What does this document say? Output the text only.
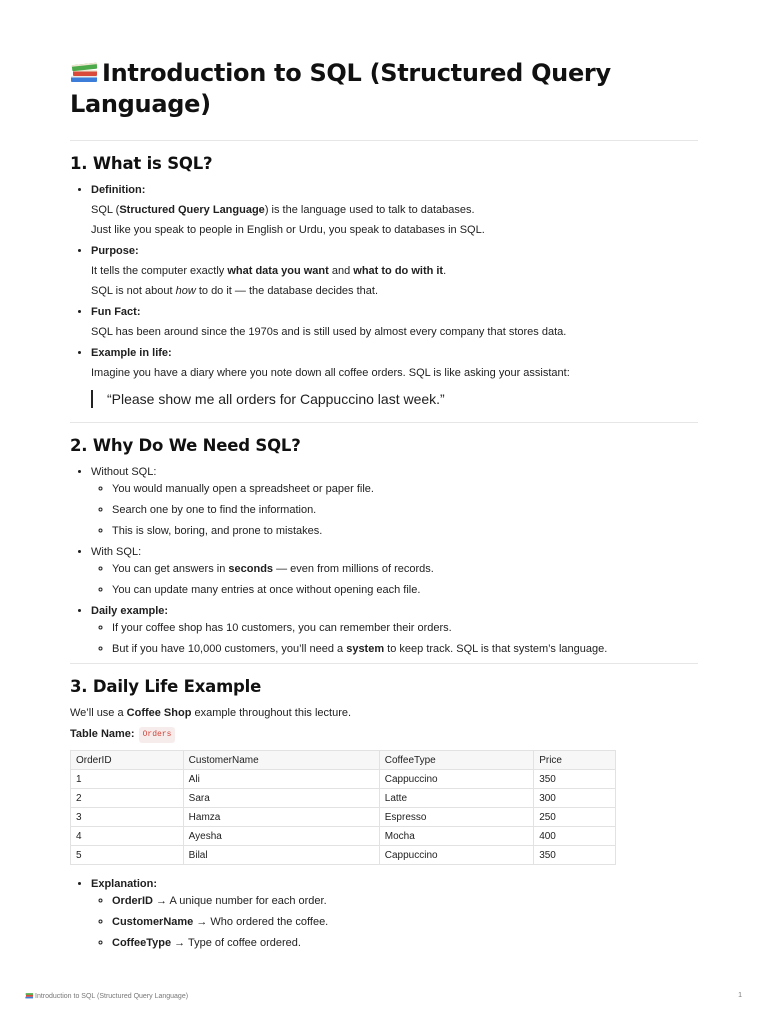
Introduction to SQL (Structured Query Language)
1. What is SQL?
• Definition:

SQL (Structured Query Language) is the language used to talk to databases.

Just like you speak to people in English or Urdu, you speak to databases in SQL.

• Purpose:

It tells the computer exactly what data you want and what to do with it.

SQL is not about how to do it — the database decides that.

• Fun Fact:

SQL has been around since the 1970s and is still used by almost every company that stores data.

• Example in life:

Imagine you have a diary where you note down all coffee orders. SQL is like asking your assistant:

“Please show me all orders for Cappuccino last week.”
2. Why Do We Need SQL?
• Without SQL:
◦ You would manually open a spreadsheet or paper file.
◦ Search one by one to find the information.
◦ This is slow, boring, and prone to mistakes.
• With SQL:
◦ You can get answers in seconds — even from millions of records.
◦ You can update many entries at once without opening each file.
• Daily example:
◦ If your coffee shop has 10 customers, you can remember their orders.
◦ But if you have 10,000 customers, you’ll need a system to keep track. SQL is that system’s language.
3. Daily Life Example

We’ll use a Coffee Shop example throughout this lecture.

Table Name: Orders

OrderID	CustomerName	CoffeeType	Price
1	Ali	Cappuccino	350
2	Sara	Latte	300
3	Hamza	Espresso	250
4	Ayesha	Mocha	400
5	Bilal	Cappuccino	350
• Explanation:
◦ OrderID → A unique number for each order.
◦ CustomerName → Who ordered the coffee.
◦ CoffeeType → Type of coffee ordered.
Introduction to SQL (Structured Query Language)	1
